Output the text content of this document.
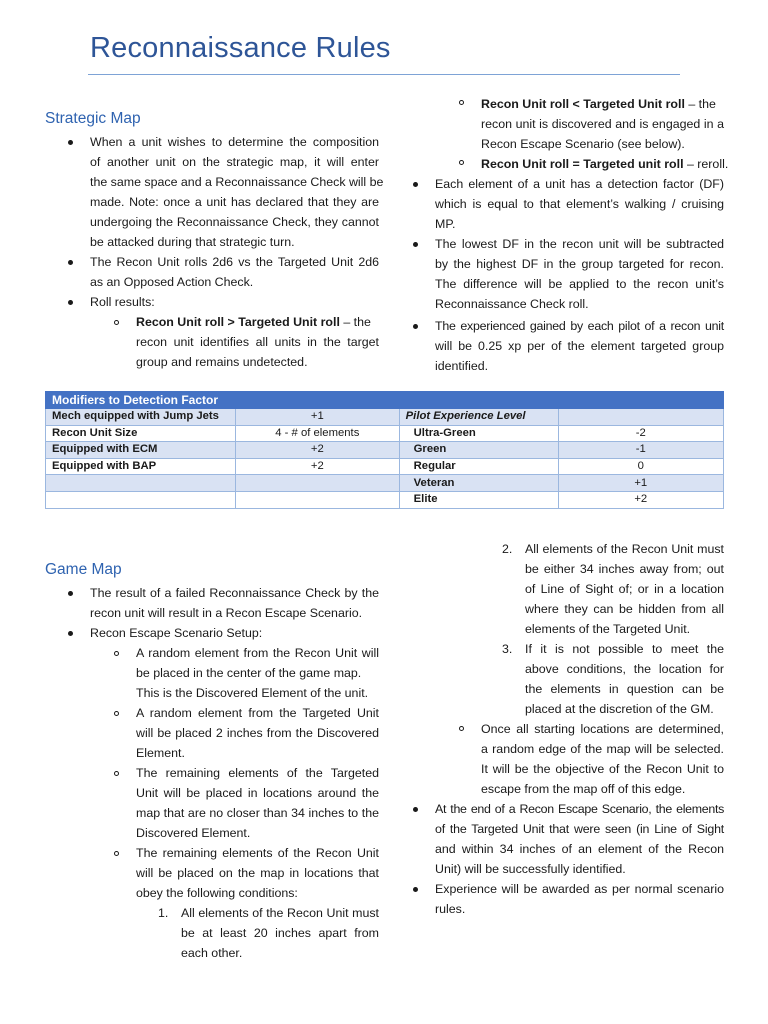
Reconnaissance Rules
Strategic Map
When a unit wishes to determine the composition
of another unit on the strategic map, it will enter
the same space and a Reconnaissance Check will be
made. Note: once a unit has declared that they are
undergoing the Reconnaissance Check, they cannot
be attacked during that strategic turn.
The Recon Unit rolls 2d6 vs the Targeted Unit 2d6
as an Opposed Action Check.
Roll results:
Recon Unit roll > Targeted Unit roll – the
recon unit identifies all units in the target
group and remains undetected.
Recon Unit roll < Targeted Unit roll – the
recon unit is discovered and is engaged in a
Recon Escape Scenario (see below).
Recon Unit roll = Targeted unit roll – reroll.
Each element of a unit has a detection factor (DF)
which is equal to that element’s walking / cruising
MP.
The lowest DF in the recon unit will be subtracted
by the highest DF in the group targeted for recon.
The difference will be applied to the recon unit’s
Reconnaissance Check roll.
The experienced gained by each pilot of a recon unit
will be 0.25 xp per of the element targeted group
identified.
Modifiers to Detection Factor			
Mech equipped with Jump Jets	+1	Pilot Experience Level	
Recon Unit Size	4 - # of elements	Ultra-Green	-2
Equipped with ECM	+2	Green	-1
Equipped with BAP	+2	Regular	0
		Veteran	+1
		Elite	+2
Game Map
The result of a failed Reconnaissance Check by the
recon unit will result in a Recon Escape Scenario.
Recon Escape Scenario Setup:
A random element from the Recon Unit will
be placed in the center of the game map.
This is the Discovered Element of the unit.
A random element from the Targeted Unit
will be placed 2 inches from the Discovered
Element.
The remaining elements of the Targeted
Unit will be placed in locations around the
map that are no closer than 34 inches to the
Discovered Element.
The remaining elements of the Recon Unit
will be placed on the map in locations that
obey the following conditions:
1. All elements of the Recon Unit must
be at least 20 inches apart from
each other.
2. All elements of the Recon Unit must
be either 34 inches away from; out
of Line of Sight of; or in a location
where they can be hidden from all
elements of the Targeted Unit.
3. If it is not possible to meet the
above conditions, the location for
the elements in question can be
placed at the discretion of the GM.
Once all starting locations are determined,
a random edge of the map will be selected.
It will be the objective of the Recon Unit to
escape from the map off of this edge.
At the end of a Recon Escape Scenario, the elements
of the Targeted Unit that were seen (in Line of Sight
and within 34 inches of an element of the Recon
Unit) will be successfully identified.
Experience will be awarded as per normal scenario
rules.
